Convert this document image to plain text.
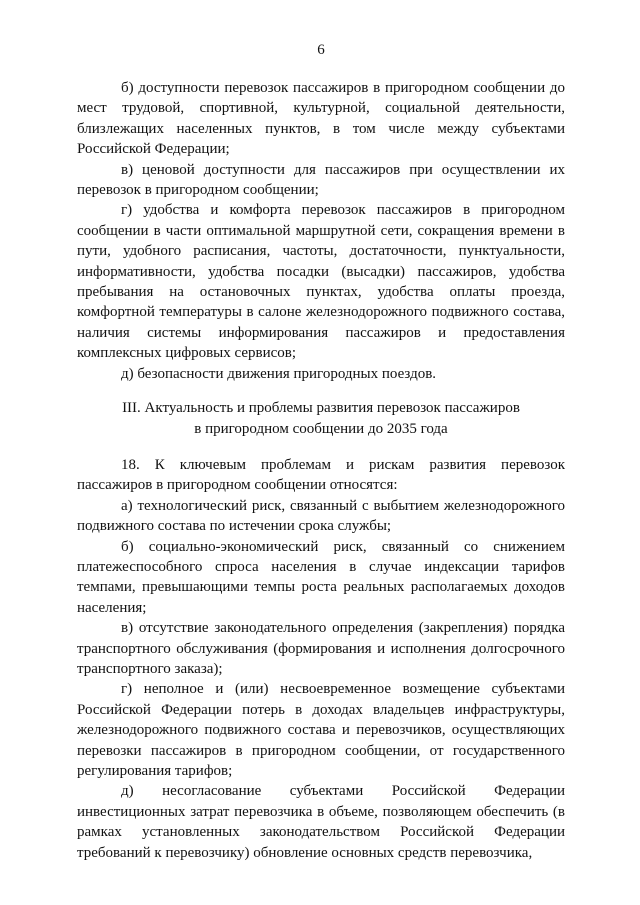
6

б) доступности перевозок пассажиров в пригородном сообщении до мест трудовой, спортивной, культурной, социальной деятельности, близлежащих населенных пунктов, в том числе между субъектами Российской Федерации;

в) ценовой доступности для пассажиров при осуществлении их перевозок в пригородном сообщении;

г) удобства и комфорта перевозок пассажиров в пригородном сообщении в части оптимальной маршрутной сети, сокращения времени в пути, удобного расписания, частоты, достаточности, пунктуальности, информативности, удобства посадки (высадки) пассажиров, удобства пребывания на остановочных пунктах, удобства оплаты проезда, комфортной температуры в салоне железнодорожного подвижного состава, наличия системы информирования пассажиров и предоставления комплексных цифровых сервисов;

д) безопасности движения пригородных поездов.

III. Актуальность и проблемы развития перевозок пассажиров
в пригородном сообщении до 2035 года

18. К ключевым проблемам и рискам развития перевозок пассажиров в пригородном сообщении относятся:

а) технологический риск, связанный с выбытием железнодорожного подвижного состава по истечении срока службы;

б) социально-экономический риск, связанный со снижением платежеспособного спроса населения в случае индексации тарифов темпами, превышающими темпы роста реальных располагаемых доходов населения;

в) отсутствие законодательного определения (закрепления) порядка транспортного обслуживания (формирования и исполнения долгосрочного транспортного заказа);

г) неполное и (или) несвоевременное возмещение субъектами Российской Федерации потерь в доходах владельцев инфраструктуры, железнодорожного подвижного состава и перевозчиков, осуществляющих перевозки пассажиров в пригородном сообщении, от государственного регулирования тарифов;

д) несогласование субъектами Российской Федерации инвестиционных затрат перевозчика в объеме, позволяющем обеспечить (в рамках установленных законодательством Российской Федерации требований к перевозчику) обновление основных средств перевозчика,
